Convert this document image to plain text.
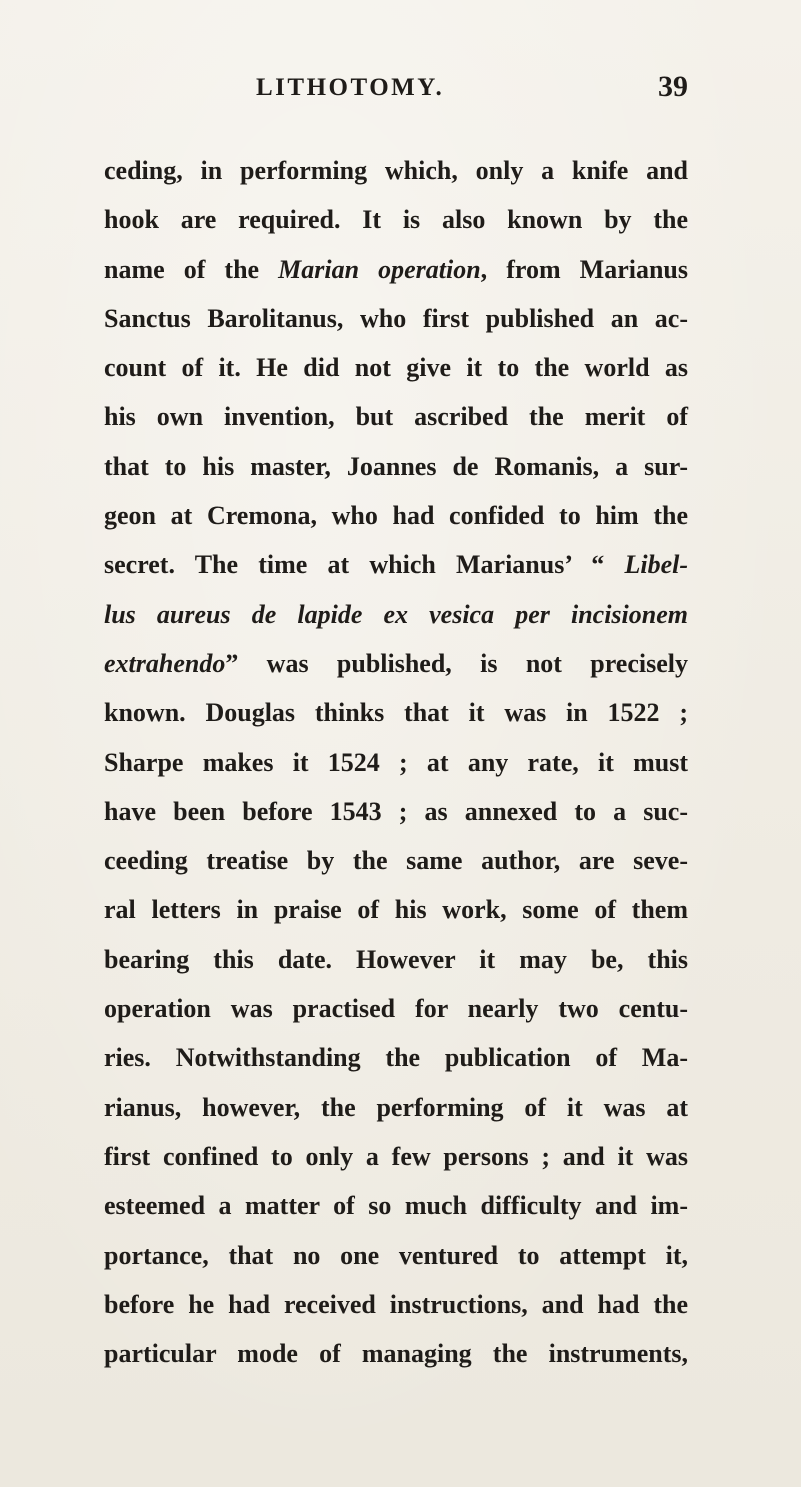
LITHOTOMY.	39
ceding, in performing which, only a knife and
hook are required. It is also known by the
name of the Marian operation, from Marianus
Sanctus Barolitanus, who first published an ac-
count of it. He did not give it to the world as
his own invention, but ascribed the merit of
that to his master, Joannes de Romanis, a sur-
geon at Cremona, who had confided to him the
secret. The time at which Marianus’ “ Libel-
lus aureus de lapide ex vesica per incisionem
extrahendo” was published, is not precisely
known. Douglas thinks that it was in 1522 ;
Sharpe makes it 1524 ; at any rate, it must
have been before 1543 ; as annexed to a suc-
ceeding treatise by the same author, are seve-
ral letters in praise of his work, some of them
bearing this date. However it may be, this
operation was practised for nearly two centu-
ries. Notwithstanding the publication of Ma-
rianus, however, the performing of it was at
first confined to only a few persons ; and it was
esteemed a matter of so much difficulty and im-
portance, that no one ventured to attempt it,
before he had received instructions, and had the
particular mode of managing the instruments,
